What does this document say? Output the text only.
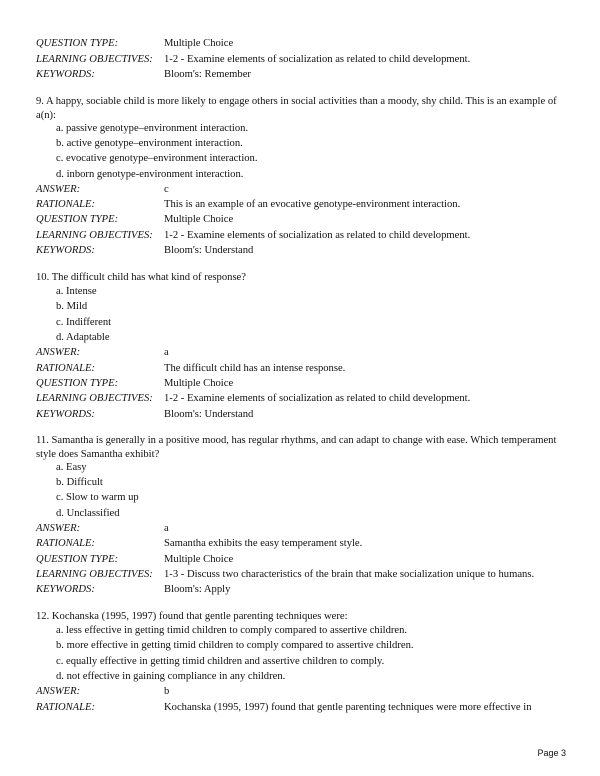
QUESTION TYPE:	Multiple Choice
LEARNING OBJECTIVES: 1-2 - Examine elements of socialization as related to child development.
KEYWORDS:	Bloom's: Remember
9. A happy, sociable child is more likely to engage others in social activities than a moody, shy child. This is an example of a(n):
a. passive genotype–environment interaction.
b. active genotype–environment interaction.
c. evocative genotype–environment interaction.
d. inborn genotype-environment interaction.
ANSWER:	c
RATIONALE:	This is an example of an evocative genotype-environment interaction.
QUESTION TYPE:	Multiple Choice
LEARNING OBJECTIVES: 1-2 - Examine elements of socialization as related to child development.
KEYWORDS:	Bloom's: Understand
10. The difficult child has what kind of response?
a. Intense
b. Mild
c. Indifferent
d. Adaptable
ANSWER:	a
RATIONALE:	The difficult child has an intense response.
QUESTION TYPE:	Multiple Choice
LEARNING OBJECTIVES: 1-2 - Examine elements of socialization as related to child development.
KEYWORDS:	Bloom's: Understand
11. Samantha is generally in a positive mood, has regular rhythms, and can adapt to change with ease. Which temperament style does Samantha exhibit?
a. Easy
b. Difficult
c. Slow to warm up
d. Unclassified
ANSWER:	a
RATIONALE:	Samantha exhibits the easy temperament style.
QUESTION TYPE:	Multiple Choice
LEARNING OBJECTIVES: 1-3 - Discuss two characteristics of the brain that make socialization unique to humans.
KEYWORDS:	Bloom's: Apply
12. Kochanska (1995, 1997) found that gentle parenting techniques were:
a. less effective in getting timid children to comply compared to assertive children.
b. more effective in getting timid children to comply compared to assertive children.
c. equally effective in getting timid children and assertive children to comply.
d. not effective in gaining compliance in any children.
ANSWER:	b
RATIONALE:	Kochanska (1995, 1997) found that gentle parenting techniques were more effective in
Page 3
